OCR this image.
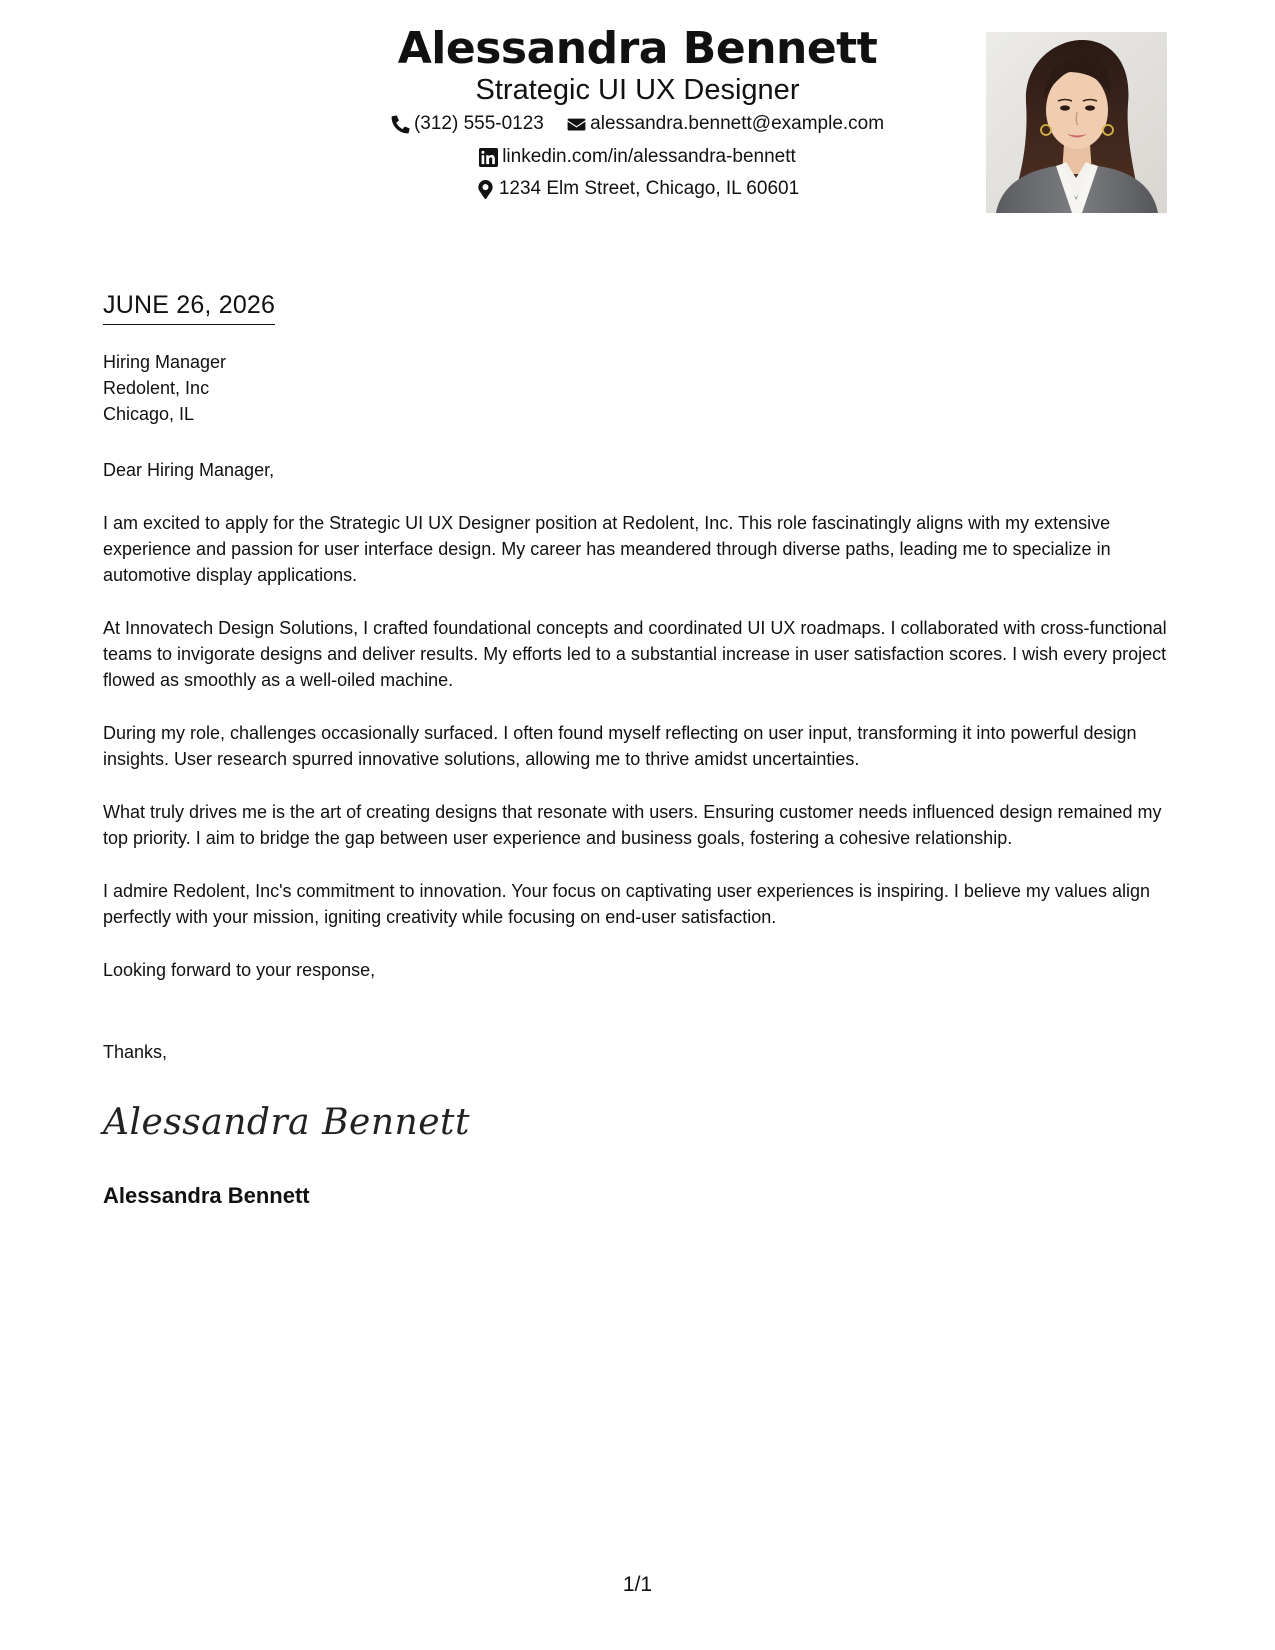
Alessandra Bennett
Strategic UI UX Designer
(312) 555-0123
alessandra.bennett@example.com
linkedin.com/in/alessandra-bennett
1234 Elm Street, Chicago, IL 60601
JUNE 26, 2026
Hiring Manager
Redolent, Inc
Chicago, IL

Dear Hiring Manager,

I am excited to apply for the Strategic UI UX Designer position at Redolent, Inc. This role fascinatingly aligns with my extensive experience and passion for user interface design. My career has meandered through diverse paths, leading me to specialize in automotive display applications.

At Innovatech Design Solutions, I crafted foundational concepts and coordinated UI UX roadmaps. I collaborated with cross-functional teams to invigorate designs and deliver results. My efforts led to a substantial increase in user satisfaction scores. I wish every project flowed as smoothly as a well-oiled machine.

During my role, challenges occasionally surfaced. I often found myself reflecting on user input, transforming it into powerful design insights. User research spurred innovative solutions, allowing me to thrive amidst uncertainties.

What truly drives me is the art of creating designs that resonate with users. Ensuring customer needs influenced design remained my top priority. I aim to bridge the gap between user experience and business goals, fostering a cohesive relationship.

I admire Redolent, Inc's commitment to innovation. Your focus on captivating user experiences is inspiring. I believe my values align perfectly with your mission, igniting creativity while focusing on end-user satisfaction.

Looking forward to your response,

Thanks,
Alessandra Bennett
Alessandra Bennett
1/1
